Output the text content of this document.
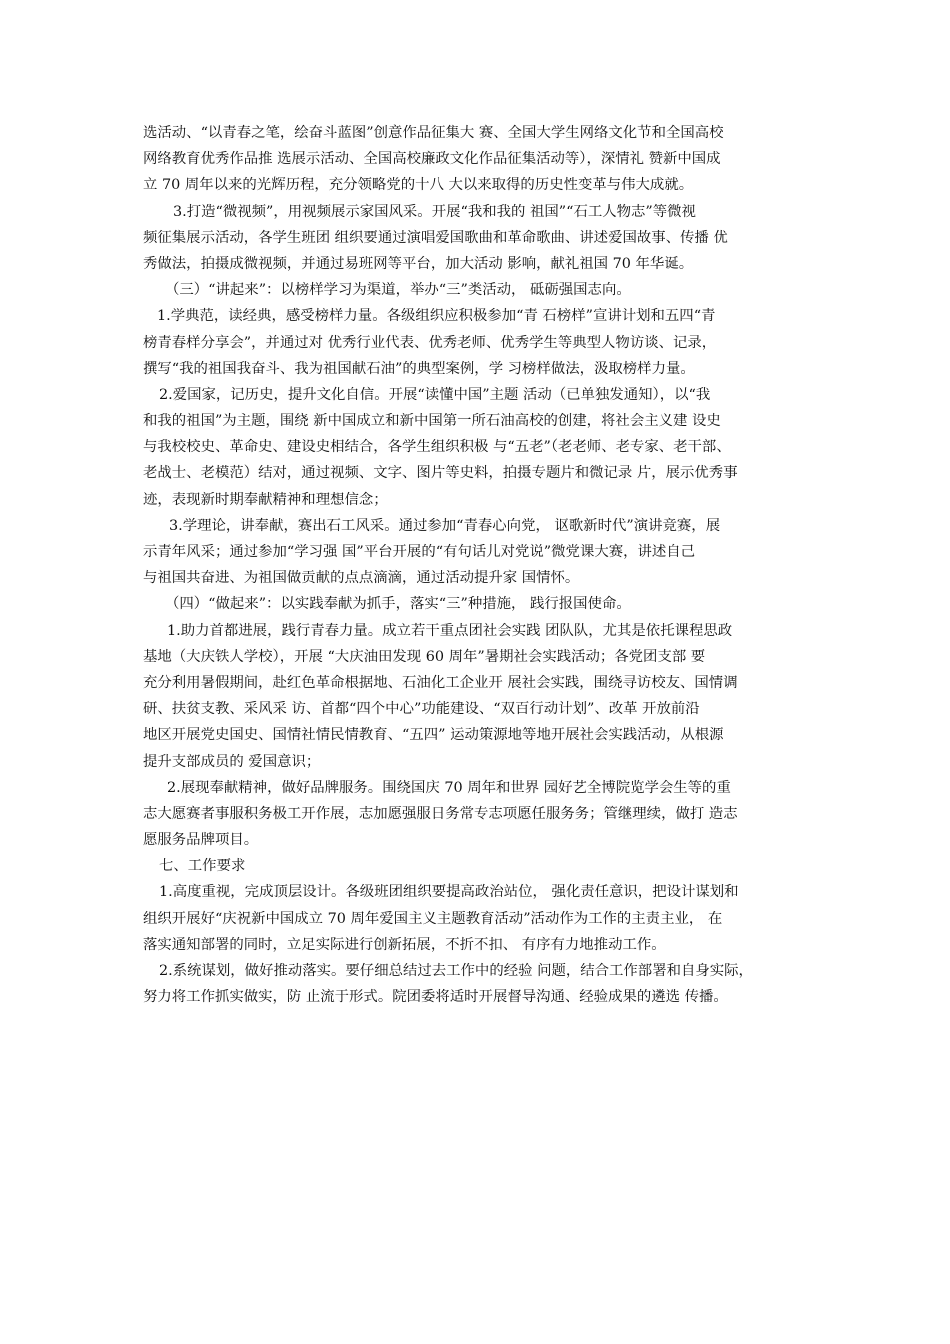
选活动、“以青春之笔，绘奋斗蓝图”创意作品征集大 赛、全国大学生网络文化节和全国高校
网络教育优秀作品推 选展示活动、全国高校廉政文化作品征集活动等），深情礼 赞新中国成
立 70 周年以来的光辉历程，充分领略党的十八 大以来取得的历史性变革与伟大成就。
3.打造“微视频”，用视频展示家国风采。开展“我和我的 祖国”“石工人物志”等微视
频征集展示活动，各学生班团 组织要通过演唱爱国歌曲和革命歌曲、讲述爱国故事、传播 优
秀做法，拍摄成微视频，并通过易班网等平台，加大活动 影响，献礼祖国 70 年华诞。
（三）“讲起来”：以榜样学习为渠道，举办“三”类活动， 砥砺强国志向。
1.学典范，读经典，感受榜样力量。各级组织应积极参加“青 石榜样”宣讲计划和五四“青
榜青春样分享会”，并通过对 优秀行业代表、优秀老师、优秀学生等典型人物访谈、记录，
撰写“我的祖国我奋斗、我为祖国献石油”的典型案例，学 习榜样做法，汲取榜样力量。
2.爱国家，记历史，提升文化自信。开展“读懂中国”主题 活动（已单独发通知），以“我
和我的祖国”为主题，围绕 新中国成立和新中国第一所石油高校的创建，将社会主义建 设史
与我校校史、革命史、建设史相结合，各学生组织积极 与“五老”（老老师、老专家、老干部、
老战士、老模范）结对，通过视频、文字、图片等史料，拍摄专题片和微记录 片，展示优秀事
迹，表现新时期奉献精神和理想信念；
3.学理论，讲奉献，赛出石工风采。通过参加“青春心向党， 讴歌新时代”演讲竞赛，展
示青年风采；通过参加“学习强 国”平台开展的“有句话儿对党说”微党课大赛，讲述自己
与祖国共奋进、为祖国做贡献的点点滴滴，通过活动提升家 国情怀。
（四）“做起来”：以实践奉献为抓手，落实“三”种措施， 践行报国使命。
1.助力首都进展，践行青春力量。成立若干重点团社会实践 团队队，尤其是依托课程思政
基地（大庆铁人学校），开展 “大庆油田发现 60 周年”暑期社会实践活动；各党团支部 要
充分利用暑假期间，赴红色革命根据地、石油化工企业开 展社会实践，围绕寻访校友、国情调
研、扶贫支教、采风采 访、首都“四个中心”功能建设、“双百行动计划”、改革 开放前沿
地区开展党史国史、国情社情民情教育、“五四” 运动策源地等地开展社会实践活动，从根源
提升支部成员的 爱国意识；
2.展现奉献精神，做好品牌服务。围绕国庆 70 周年和世界 园好艺全博院览学会生等的重
志大愿赛者事服积务极工开作展，志加愿强服日务常专志项愿任服务务；管继理续，做打 造志
愿服务品牌项目。
七、工作要求
1.高度重视，完成顶层设计。各级班团组织要提高政治站位， 强化责任意识，把设计谋划和
组织开展好“庆祝新中国成立 70 周年爱国主义主题教育活动”活动作为工作的主责主业， 在
落实通知部署的同时，立足实际进行创新拓展，不折不扣、 有序有力地推动工作。
2.系统谋划，做好推动落实。要仔细总结过去工作中的经验 问题，结合工作部署和自身实际，
努力将工作抓实做实，防 止流于形式。院团委将适时开展督导沟通、经验成果的遴选 传播。
